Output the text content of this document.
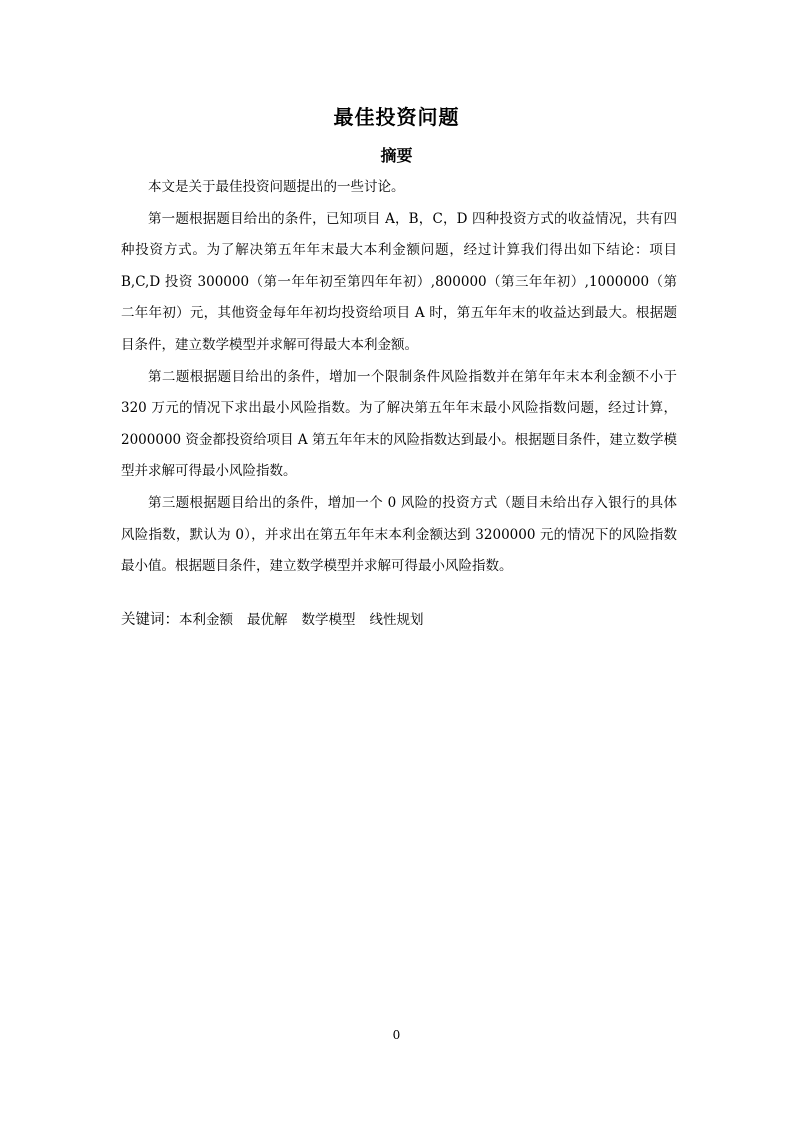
最佳投资问题
摘要

本文是关于最佳投资问题提出的一些讨论。

第一题根据题目给出的条件，已知项目 A，B，C，D 四种投资方式的收益情况，共有四种投资方式。为了解决第五年年末最大本利金额问题，经过计算我们得出如下结论：项目 B,C,D 投资 300000（第一年年初至第四年年初）,800000（第三年年初）,1000000（第二年年初）元，其他资金每年年初均投资给项目 A 时，第五年年末的收益达到最大。根据题目条件，建立数学模型并求解可得最大本利金额。

第二题根据题目给出的条件，增加一个限制条件风险指数并在第年年末本利金额不小于 320 万元的情况下求出最小风险指数。为了解决第五年年末最小风险指数问题，经过计算，2000000 资金都投资给项目 A 第五年年末的风险指数达到最小。根据题目条件，建立数学模型并求解可得最小风险指数。

第三题根据题目给出的条件，增加一个 0 风险的投资方式（题目未给出存入银行的具体风险指数，默认为 0），并求出在第五年年末本利金额达到 3200000 元的情况下的风险指数最小值。根据题目条件，建立数学模型并求解可得最小风险指数。

关键词：本利金额 最优解 数学模型 线性规划
0
